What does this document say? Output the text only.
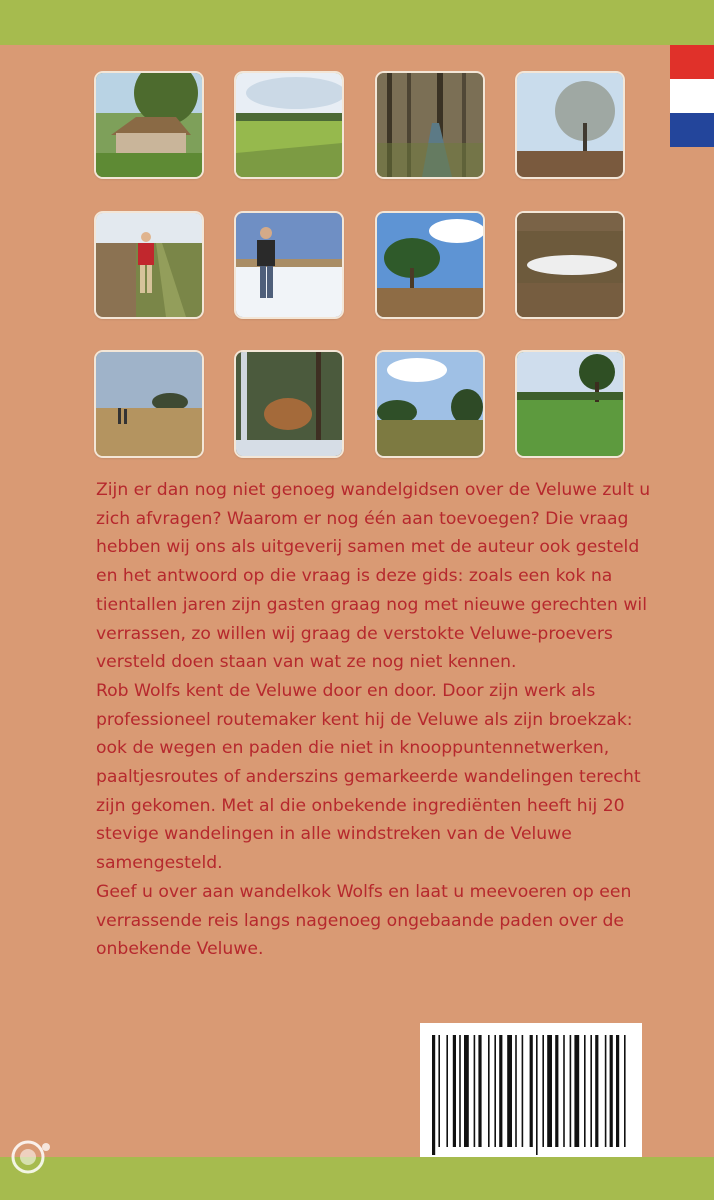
Zijn er dan nog niet genoeg wandelgidsen over de Veluwe zult u zich afvragen? Waarom er nog één aan toevoegen? Die vraag hebben wij ons als uitgeverij samen met de auteur ook gesteld en het antwoord op die vraag is deze gids: zoals een kok na tientallen jaren zijn gasten graag nog met nieuwe gerechten wil verrassen, zo willen wij graag de verstokte Veluwe-proevers versteld doen staan van wat ze nog niet kennen.

Rob Wolfs kent de Veluwe door en door. Door zijn werk als professioneel routemaker kent hij de Veluwe als zijn broekzak: ook de wegen en paden die niet in knooppuntennetwerken, paaltjesroutes of anderszins gemarkeerde wandelingen terecht zijn gekomen. Met al die onbekende ingrediënten heeft hij 20 stevige wandelingen in alle windstreken van de Veluwe samengesteld.

Geef u over aan wandelkok Wolfs en laat u meevoeren op een verrassende reis langs nagenoeg ongebaande paden over de onbekende Veluwe.
